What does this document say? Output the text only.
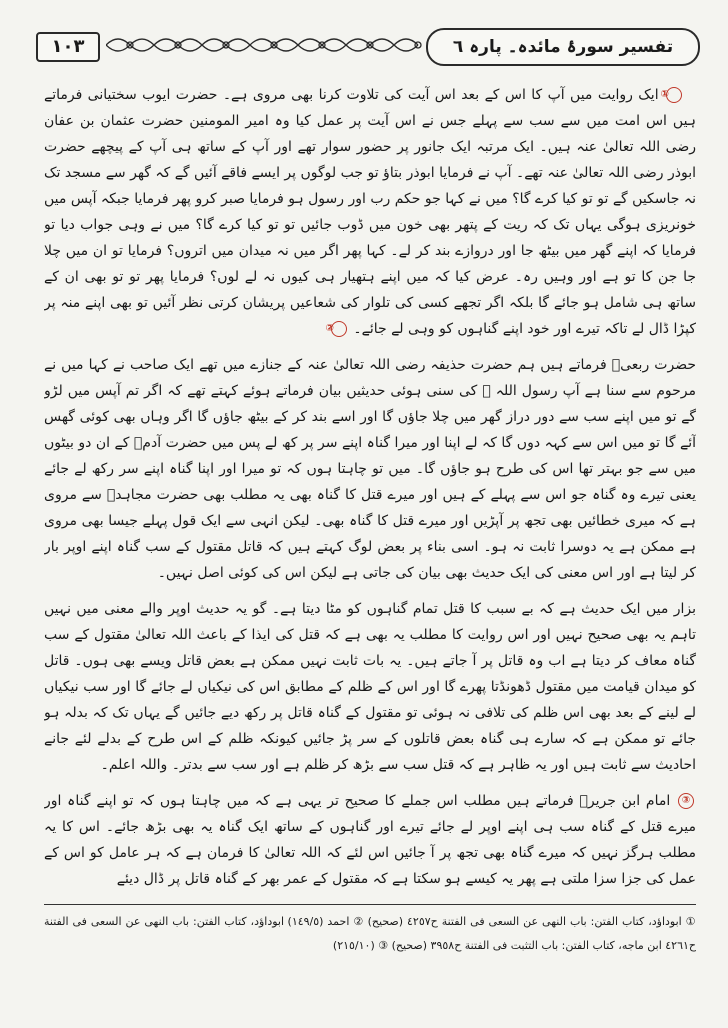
١٠٣	تفسیر سورۂ مائدہ۔ پارہ ٦

① ایک روایت میں آپ کا اس کے بعد اس آیت کی تلاوت کرنا بھی مروی ہے۔ حضرت ایوب سختیانی فرماتے ہیں اس امت میں سے سب سے پہلے جس نے اس آیت پر عمل کیا وہ امیر المومنین حضرت عثمان بن عفان رضی اللہ تعالیٰ عنہ ہیں۔ ایک مرتبہ ایک جانور پر حضور سوار تھے اور آپ کے ساتھ ہی آپ کے پیچھے حضرت ابوذر رضی اللہ تعالیٰ عنہ تھے۔ آپ نے فرمایا ابوذر بتاؤ تو جب لوگوں پر ایسے فاقے آئیں گے کہ گھر سے مسجد تک نہ جاسکیں گے تو تو کیا کرے گا؟ میں نے کہا جو حکم رب اور رسول ہو فرمایا صبر کرو پھر فرمایا جبکہ آپس میں خونریزی ہوگی یہاں تک کہ ریت کے پتھر بھی خون میں ڈوب جائیں تو تو کیا کرے گا؟ میں نے وہی جواب دیا تو فرمایا کہ اپنے گھر میں بیٹھ جا اور دروازے بند کر لے۔ کہا پھر اگر میں نہ میدان میں اتروں؟ فرمایا تو ان میں چلا جا جن کا تو ہے اور وہیں رہ۔ عرض کیا کہ میں اپنے ہتھیار ہی کیوں نہ لے لوں؟ فرمایا پھر تو تو بھی ان کے ساتھ ہی شامل ہو جائے گا بلکہ اگر تجھے کسی کی تلوار کی شعاعیں پریشان کرتی نظر آئیں تو بھی اپنے منہ پر کپڑا ڈال لے تاکہ تیرے اور خود اپنے گناہوں کو وہی لے جائے۔ ②

حضرت ربعیؒ فرماتے ہیں ہم حضرت حذیفہ رضی اللہ تعالیٰ عنہ کے جنازے میں تھے ایک صاحب نے کہا میں نے مرحوم سے سنا ہے آپ رسول اللہ ﷺ کی سنی ہوئی حدیثیں بیان فرماتے ہوئے کہتے تھے کہ اگر تم آپس میں لڑو گے تو میں اپنے سب سے دور دراز گھر میں چلا جاؤں گا اور اسے بند کر کے بیٹھ جاؤں گا اگر وہاں بھی کوئی گھس آئے گا تو میں اس سے کہہ دوں گا کہ لے اپنا اور میرا گناہ اپنے سر پر کھ لے پس میں حضرت آدمؑ کے ان دو بیٹوں میں سے جو بہتر تھا اس کی طرح ہو جاؤں گا۔ میں تو چاہتا ہوں کہ تو میرا اور اپنا گناہ اپنے سر رکھ لے جائے یعنی تیرے وہ گناہ جو اس سے پہلے کے ہیں اور میرے قتل کا گناہ بھی یہ مطلب بھی حضرت مجاہدؒ سے مروی ہے کہ میری خطائیں بھی تجھ پر آپڑیں اور میرے قتل کا گناہ بھی۔ لیکن انہی سے ایک قول پہلے جیسا بھی مروی ہے ممکن ہے یہ دوسرا ثابت نہ ہو۔ اسی بناء پر بعض لوگ کہتے ہیں کہ قاتل مقتول کے سب گناہ اپنے اوپر بار کر لیتا ہے اور اس معنی کی ایک حدیث بھی بیان کی جاتی ہے لیکن اس کی کوئی اصل نہیں۔

بزار میں ایک حدیث ہے کہ بے سبب کا قتل تمام گناہوں کو مٹا دیتا ہے۔ گو یہ حدیث اوپر والے معنی میں نہیں تاہم یہ بھی صحیح نہیں اور اس روایت کا مطلب یہ بھی ہے کہ قتل کی ایذا کے باعث اللہ تعالیٰ مقتول کے سب گناہ معاف کر دیتا ہے اب وہ قاتل پر آ جاتے ہیں۔ یہ بات ثابت نہیں ممکن ہے بعض قاتل ویسے بھی ہوں۔ قاتل کو میدان قیامت میں مقتول ڈھونڈتا پھرے گا اور اس کے ظلم کے مطابق اس کی نیکیاں لے جائے گا اور سب نیکیاں لے لینے کے بعد بھی اس ظلم کی تلافی نہ ہوئی تو مقتول کے گناہ قاتل پر رکھ دیے جائیں گے یہاں تک کہ بدلہ ہو جائے تو ممکن ہے کہ سارے ہی گناہ بعض قاتلوں کے سر پڑ جائیں کیونکہ ظلم کے اس طرح کے بدلے لئے جانے احادیث سے ثابت ہیں اور یہ ظاہر ہے کہ قتل سب سے بڑھ کر ظلم ہے اور سب سے بدتر۔ واللہ اعلم۔

③ امام ابن جریرؒ فرماتے ہیں مطلب اس جملے کا صحیح تر یہی ہے کہ میں چاہتا ہوں کہ تو اپنے گناہ اور میرے قتل کے گناہ سب ہی اپنے اوپر لے جائے تیرے اور گناہوں کے ساتھ ایک گناہ یہ بھی بڑھ جائے۔ اس کا یہ مطلب ہرگز نہیں کہ میرے گناہ بھی تجھ پر آ جائیں اس لئے کہ اللہ تعالیٰ کا فرمان ہے کہ ہر عامل کو اس کے عمل کی جزا سزا ملتی ہے پھر یہ کیسے ہو سکتا ہے کہ مقتول کے عمر بھر کے گناہ قاتل پر ڈال دیئے

① ابوداؤد، کتاب الفتن: باب النهی عن السعی فی الفتنة ح٤٢٥٧ (صحیح) ② احمد (١٤٩/٥) ابوداؤد، کتاب الفتن: باب النهی عن السعی فی الفتنة ح٤٢٦١ ابن ماجه، کتاب الفتن: باب التثبت فی الفتنة ح٣٩٥٨ (صحیح) ③ (٢١٥/١٠)
